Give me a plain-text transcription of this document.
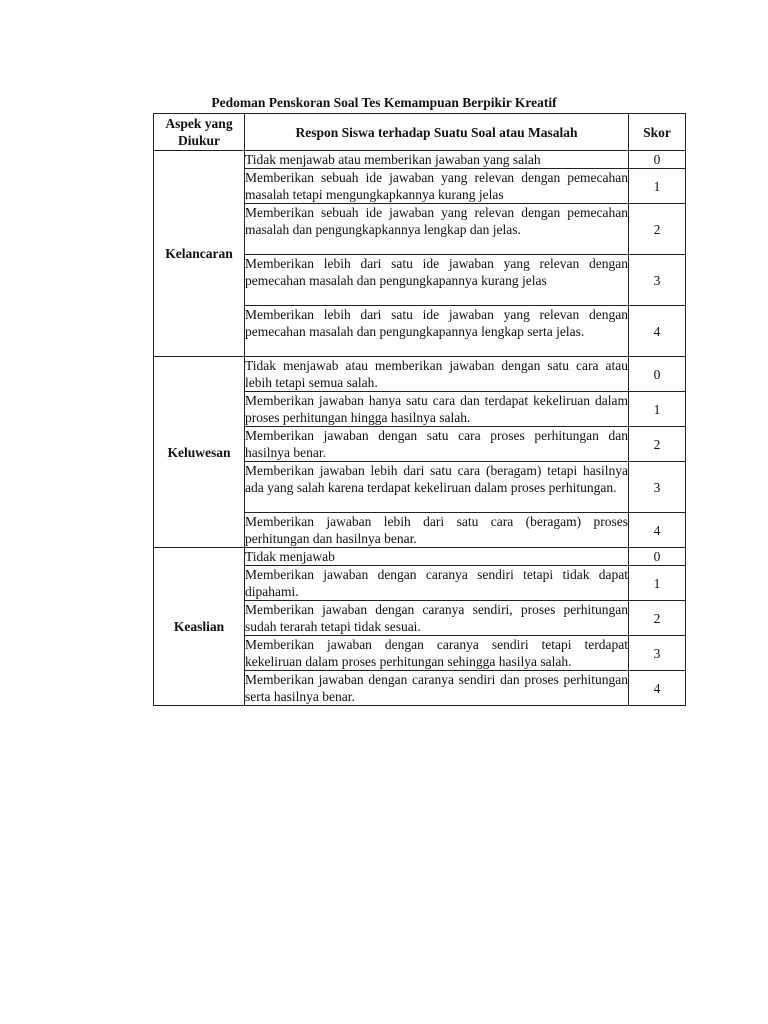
Pedoman Penskoran Soal Tes Kemampuan Berpikir Kreatif
Aspek yang Diukur	Respon Siswa terhadap Suatu Soal atau Masalah	Skor
Kelancaran	Tidak menjawab atau memberikan jawaban yang salah	0
	Memberikan sebuah ide jawaban yang relevan dengan pemecahan masalah tetapi mengungkapkannya kurang jelas	1
	Memberikan sebuah ide jawaban yang relevan dengan pemecahan masalah dan pengungkapkannya lengkap dan jelas.	2
	Memberikan lebih dari satu ide jawaban yang relevan dengan pemecahan masalah dan pengungkapannya kurang jelas	3
	Memberikan lebih dari satu ide jawaban yang relevan dengan pemecahan masalah dan pengungkapannya lengkap serta jelas.	4
Keluwesan	Tidak menjawab atau memberikan jawaban dengan satu cara atau lebih tetapi semua salah.	0
	Memberikan jawaban hanya satu cara dan terdapat kekeliruan dalam proses perhitungan hingga hasilnya salah.	1
	Memberikan jawaban dengan satu cara proses perhitungan dan hasilnya benar.	2
	Memberikan jawaban lebih dari satu cara (beragam) tetapi hasilnya ada yang salah karena terdapat kekeliruan dalam proses perhitungan.	3
	Memberikan jawaban lebih dari satu cara (beragam) proses perhitungan dan hasilnya benar.	4
Keaslian	Tidak menjawab	0
	Memberikan jawaban dengan caranya sendiri tetapi tidak dapat dipahami.	1
	Memberikan jawaban dengan caranya sendiri, proses perhitungan sudah terarah tetapi tidak sesuai.	2
	Memberikan jawaban dengan caranya sendiri tetapi terdapat kekeliruan dalam proses perhitungan sehingga hasilya salah.	3
	Memberikan jawaban dengan caranya sendiri dan proses perhitungan serta hasilnya benar.	4
